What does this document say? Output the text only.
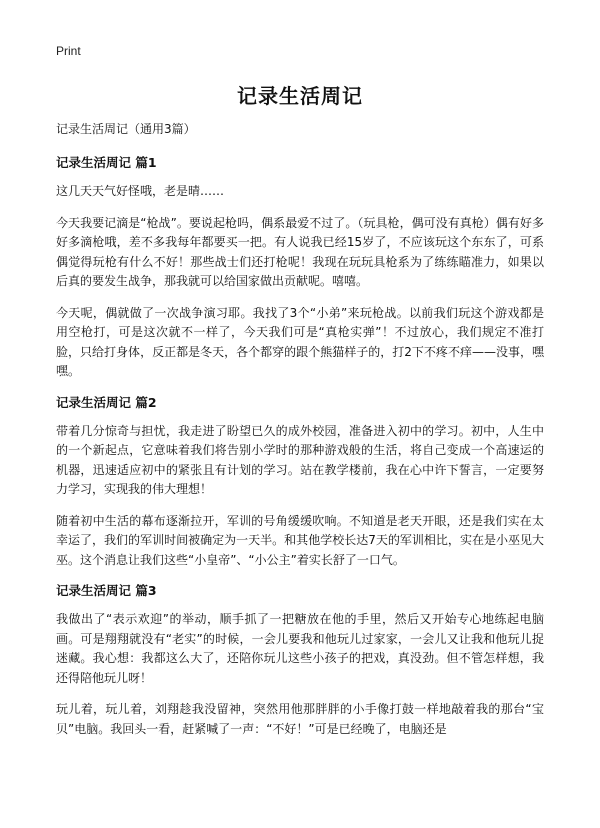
Print
记录生活周记
记录生活周记（通用3篇）
记录生活周记 篇1

这几天天气好怪哦，老是晴……

今天我要记滴是“枪战”。要说起枪吗，偶系最爱不过了。（玩具枪，偶可没有真枪）偶有好多好多滴枪哦，差不多我每年都要买一把。有人说我已经15岁了，不应该玩这个东东了，可系偶觉得玩枪有什么不好！那些战士们还打枪呢！我现在玩玩具枪系为了练练瞄准力，如果以后真的要发生战争，那我就可以给国家做出贡献呢。嘻嘻。

今天呢，偶就做了一次战争演习耶。我找了3个“小弟”来玩枪战。以前我们玩这个游戏都是用空枪打，可是这次就不一样了，今天我们可是“真枪实弹”！不过放心，我们规定不准打脸，只给打身体，反正都是冬天，各个都穿的跟个熊猫样子的，打2下不疼不痒——没事，嘿嘿。

记录生活周记 篇2

带着几分惊奇与担忧，我走进了盼望已久的成外校园，准备进入初中的学习。初中，人生中的一个新起点，它意味着我们将告别小学时的那种游戏般的生活，将自己变成一个高速运的机器，迅速适应初中的紧张且有计划的学习。站在教学楼前，我在心中许下誓言，一定要努力学习，实现我的伟大理想！

随着初中生活的幕布逐渐拉开，军训的号角缓缓吹响。不知道是老天开眼，还是我们实在太幸运了，我们的军训时间被确定为一天半。和其他学校长达7天的军训相比，实在是小巫见大巫。这个消息让我们这些“小皇帝”、“小公主”着实长舒了一口气。

记录生活周记 篇3

我做出了“表示欢迎”的举动，顺手抓了一把糖放在他的手里，然后又开始专心地练起电脑画。可是翔翔就没有“老实”的时候，一会儿要我和他玩儿过家家，一会儿又让我和他玩儿捉迷藏。我心想：我都这么大了，还陪你玩儿这些小孩子的把戏，真没劲。但不管怎样想，我还得陪他玩儿呀！

玩儿着，玩儿着，刘翔趁我没留神，突然用他那胖胖的小手像打鼓一样地敲着我的那台“宝贝”电脑。我回头一看，赶紧喊了一声：“不好！”可是已经晚了，电脑还是
